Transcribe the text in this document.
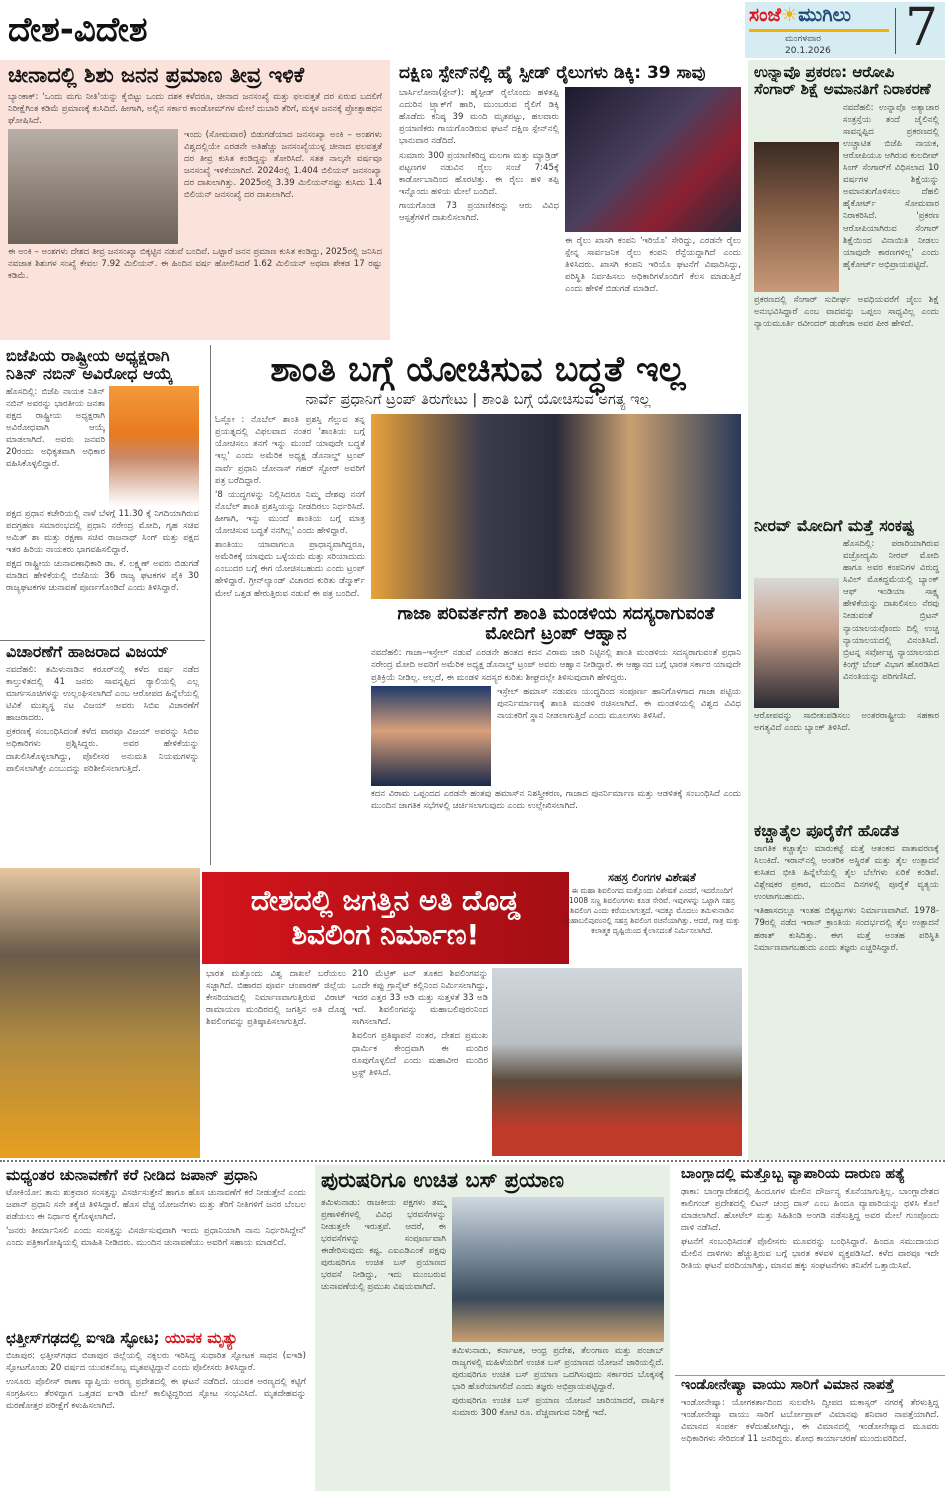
ದೇಶ-ವಿದೇಶ	ಸಂಜೆ☀ಮುಗಿಲು
ಮಂಗಳವಾರ
20.1.2026 7
ಚೀನಾದಲ್ಲಿ ಶಿಶು ಜನನ ಪ್ರಮಾಣ ತೀವ್ರ ಇಳಿಕೆ
ಬ್ಯಾಂಕಾಕ್: 'ಒಂದು ಮಗು ನೀತಿ'ಯನ್ನು ಕೈಬಿಟ್ಟು ಒಂದು ದಶಕ ಕಳೆದರೂ, ಚೀನಾದ ಜನಸಂಖ್ಯೆ ಮತ್ತು ಫಲವತ್ತತೆ ದರ ಏರುವ ಬದಲಿಗೆ ನಿರೀಕ್ಷೆಗಿಂತ ಕಡಿಮೆ ಪ್ರಮಾಣಕ್ಕೆ ಕುಸಿದಿದೆ. ಹೀಗಾಗಿ, ಅಲ್ಲಿನ ಸರ್ಕಾರ ಕಾಂಡೋಮ್‌ಗಳ ಮೇಲೆ ದುಬಾರಿ ತೆರಿಗೆ, ಮಕ್ಕಳ ಜನನಕ್ಕೆ ಪ್ರೋತ್ಸಾಹಧನ ಘೋಷಿಸಿದೆ.
ಇಂದು (ಸೋಮವಾರ) ಬಿಡುಗಡೆಯಾದ ಜನಸಂಖ್ಯಾ ಅಂಕಿ – ಅಂಶಗಳು ವಿಶ್ವದಲ್ಲಿಯೇ ಎರಡನೇ ಅತಿಹೆಚ್ಚು ಜನಸಂಖ್ಯೆಯುಳ್ಳ ಚೀನಾದ ಫಲವತ್ತತೆ ದರ ತೀವ್ರ ಕುಸಿತ ಕಂಡಿದ್ದನ್ನು ತೋರಿಸಿದೆ. ಸತತ ನಾಲ್ಕನೇ ವರ್ಷವೂ ಜನಸಂಖ್ಯೆ ಇಳಿಕೆಯಾಗಿದೆ. 2024ರಲ್ಲಿ 1.404 ಬಿಲಿಯನ್ ಜನಸಂಖ್ಯಾ ದರ ದಾಖಲಾಗಿತ್ತು. 2025ರಲ್ಲಿ 3.39 ಮಿಲಿಯನ್‌ನಷ್ಟು ಕುಸಿದು 1.4 ಬಿಲಿಯನ್ ಜನಸಂಖ್ಯೆ ದರ ದಾಖಲಾಗಿದೆ.
ಈ ಅಂಕಿ – ಅಂಶಗಳು ದೇಶದ ತೀವ್ರ ಜನಸಂಖ್ಯಾ ಬಿಕ್ಕಟ್ಟಿನ ನಡುವೆ ಬಂದಿವೆ. ಒಟ್ಟಾರೆ ಜನನ ಪ್ರಮಾಣ ಕುಸಿತ ಕಂಡಿದ್ದು, 2025ರಲ್ಲಿ ಜನಿಸಿದ ನವಜಾತ ಶಿಶುಗಳ ಸಂಖ್ಯೆ ಕೇವಲ 7.92 ಮಿಲಿಯನ್. ಈ ಹಿಂದಿನ ವರ್ಷ ಹೋಲಿಸಿದರೆ 1.62 ಮಿಲಿಯನ್ ಅಥವಾ ಶೇಕಡ 17 ರಷ್ಟು ಕಡಿಮೆ.
ದಕ್ಷಿಣ ಸ್ಪೇನ್‌ನಲ್ಲಿ ಹೈ ಸ್ಪೀಡ್ ರೈಲುಗಳು ಡಿಕ್ಕಿ: 39 ಸಾವು
ಬಾರ್ಸಿಲೋನಾ(ಸ್ಪೇನ್): ಹೈಸ್ಪೀಡ್ ರೈಲೊಂದು ಹಳಿತಪ್ಪಿ ಎದುರಿನ ಟ್ರ್ಯಾಕ್‌ಗೆ ಹಾರಿ, ಮುಂಬರುವ ರೈಲಿಗೆ ಡಿಕ್ಕಿ ಹೊಡೆದು ಕನಿಷ್ಠ 39 ಮಂದಿ ಮೃತಪಟ್ಟು, ಹಲವಾರು ಪ್ರಯಾಣಿಕರು ಗಾಯಗೊಂಡಿರುವ ಘಟನೆ ದಕ್ಷಿಣ ಸ್ಪೇನ್‌ನಲ್ಲಿ ಭಾನುವಾರ ನಡೆದಿದೆ.
ಸುಮಾರು 300 ಪ್ರಯಾಣಿಕರಿದ್ದ ಮಲಗಾ ಮತ್ತು ಮ್ಯಾಡ್ರಿಡ್ ಪಟ್ಟಣಗಳ ನಡುವಿನ ರೈಲು ಸಂಜೆ 7:45ಕ್ಕೆ ಕಾರ್ಡೋಬಾದಿಂದ ಹೊರಟಿತ್ತು. ಈ ರೈಲು ಹಳಿ ತಪ್ಪಿ ಇನ್ನೊಂದು ಹಳಿಯ ಮೇಲೆ ಬಂದಿದೆ.
ಗಾಯಗೊಂಡ 73 ಪ್ರಯಾಣಿಕರನ್ನು ಆರು ವಿವಿಧ ಆಸ್ಪತ್ರೆಗಳಿಗೆ ದಾಖಲಿಸಲಾಗಿದೆ.
ಈ ರೈಲು ಖಾಸಗಿ ಕಂಪನಿ 'ಇರಿಯೊ' ಸೇರಿದ್ದು, ಎರಡನೇ ರೈಲು ಸ್ಪೇನ್ನ ಸಾರ್ವಜನಿಕ ರೈಲು ಕಂಪನಿ ರೆನ್ಫೆಯದ್ದಾಗಿದೆ ಎಂದು ತಿಳಿಸಿದರು. ಖಾಸಗಿ ಕಂಪನಿ ಇರಿಯೊ ಘಟನೆಗೆ ವಿಷಾದಿಸಿದ್ದು, ಪರಿಸ್ಥಿತಿ ನಿರ್ವಹಿಸಲು ಅಧಿಕಾರಿಗಳೊಂದಿಗೆ ಕೆಲಸ ಮಾಡುತ್ತಿದೆ ಎಂದು ಹೇಳಿಕೆ ಬಿಡುಗಡೆ ಮಾಡಿದೆ.
ಉನ್ನಾವೊ ಪ್ರಕರಣ: ಆರೋಪಿ ಸೆಂಗಾರ್ ಶಿಕ್ಷೆ ಅಮಾನತಿಗೆ ನಿರಾಕರಣೆ
ನವದೆಹಲಿ: ಉನ್ನಾವೊ ಅತ್ಯಾಚಾರ ಸಂತ್ರಸ್ತೆಯ ತಂದೆ ಜೈಲಿನಲ್ಲಿ ಸಾವನ್ನಪ್ಪಿದ ಪ್ರಕರಣದಲ್ಲಿ ಉಚ್ಚಾಟಿತ ಬಿಜೆಪಿ ನಾಯಕ, ಆರೋಪಿಯೂ ಆಗಿರುವ ಕುಲದೀಪ್ ಸಿಂಗ್ ಸೆಂಗಾರ್‌ಗೆ ವಿಧಿಸಲಾದ 10 ವರ್ಷಗಳ ಶಿಕ್ಷೆಯನ್ನು ಅಮಾನತುಗೊಳಿಸಲು ದೆಹಲಿ ಹೈಕೋರ್ಟ್ ಸೋಮವಾರ ನಿರಾಕರಿಸಿದೆ. 'ಪ್ರಕರಣ ಆರೋಪಿಯಾಗಿರುವ ಸೆಂಗಾರ್ ಶಿಕ್ಷೆಯಿಂದ ವಿನಾಯಿತಿ ನೀಡಲು ಯಾವುದೇ ಕಾರಣಗಳಿಲ್ಲ' ಎಂದು ಹೈಕೋರ್ಟ್ ಅಭಿಪ್ರಾಯಪಟ್ಟಿದೆ.
ಪ್ರಕರಣದಲ್ಲಿ ಸೆಂಗಾರ್ ಸುದೀರ್ಘ ಅವಧಿಯವರೆಗೆ ಜೈಲು ಶಿಕ್ಷೆ ಅನುಭವಿಸಿದ್ದಾರೆ ಎಂಬ ವಾದವನ್ನು ಒಪ್ಪಲು ಸಾಧ್ಯವಿಲ್ಲ ಎಂದು ನ್ಯಾಯಮೂರ್ತಿ ರವೀಂದರ್ ಡುಡೇಜಾ ಅವರ ಪೀಠ ಹೇಳಿದೆ.
ನೀರವ್ ಮೋದಿಗೆ ಮತ್ತೆ ಸಂಕಷ್ಟ
ಹೊಸದಿಲ್ಲಿ: ಪರಾರಿಯಾಗಿರುವ ವಜ್ರೋದ್ಯಮಿ ನೀರವ್ ಮೋದಿ ಹಾಗೂ ಅವರ ಕಂಪನಿಗಳ ವಿರುದ್ಧ ಸಿವಿಲ್ ಮೊಕದ್ದಮೆಯಲ್ಲಿ ಬ್ಯಾಂಕ್ ಆಫ್ ಇಂಡಿಯಾ ಸಾಕ್ಷ್ಯ ಹೇಳಿಕೆಯನ್ನು ದಾಖಲಿಸಲು ನೆರವು ನೀಡುವಂತೆ ಬ್ರಿಟನ್ ನ್ಯಾಯಾಲಯವೊಂದು ದಿಲ್ಲಿ ಉಚ್ಚ ನ್ಯಾಯಾಲಯದಲ್ಲಿ ವಿನಂತಿಸಿದೆ. ಬ್ರಿಟನ್ನ ಸರ್ವೋಚ್ಚ ನ್ಯಾಯಾಲಯದ ಕಿಂಗ್ಸ್ ಬೆಂಚ್ ವಿಭಾಗ ಹೊರಡಿಸಿದ ವಿನಂತಿಯನ್ನು ಪರಿಗಣಿಸಿದೆ.
ಆರೋಪವನ್ನು ಸಾಬೀತುಪಡಿಸಲು ಅಂತರರಾಷ್ಟ್ರೀಯ ಸಹಕಾರ ಅಗತ್ಯವಿದೆ ಎಂದು ಬ್ಯಾಂಕ್ ತಿಳಿಸಿದೆ.
ಕಚ್ಚಾತೈಲ ಪೂರೈಕೆಗೆ ಹೊಡೆತ
ಜಾಗತಿಕ ಕಚ್ಚಾತೈಲ ಮಾರುಕಟ್ಟೆ ಮತ್ತೆ ಆತಂಕದ ವಾತಾವರಣಕ್ಕೆ ಸಿಲುಕಿದೆ. ಇರಾನ್‌ನಲ್ಲಿ ಆಂತರಿಕ ಅಸ್ಥಿರತೆ ಮತ್ತು ತೈಲ ಉತ್ಪಾದನೆ ಕುಸಿತದ ಭೀತಿ ಹಿನ್ನೆಲೆಯಲ್ಲಿ ತೈಲ ಬೆಲೆಗಳು ಏರಿಕೆ ಕಂಡಿವೆ. ವಿಶ್ಲೇಷಕರ ಪ್ರಕಾರ, ಮುಂದಿನ ದಿನಗಳಲ್ಲಿ ಪೂರೈಕೆ ವ್ಯತ್ಯಯ ಉಂಟಾಗಬಹುದು.
ಇತಿಹಾಸದಲ್ಲೂ ಇಂತಹ ಬಿಕ್ಕಟ್ಟುಗಳು ನಿರ್ಮಾಣವಾಗಿವೆ. 1978-79ರಲ್ಲಿ ನಡೆದ ಇರಾನ್ ಕ್ರಾಂತಿಯ ಸಂದರ್ಭದಲ್ಲಿ ತೈಲ ಉತ್ಪಾದನೆ ಹಠಾತ್ ಕುಸಿದಿತ್ತು. ಈಗ ಮತ್ತೆ ಅಂತಹ ಪರಿಸ್ಥಿತಿ ನಿರ್ಮಾಣವಾಗಬಹುದು ಎಂದು ತಜ್ಞರು ಎಚ್ಚರಿಸಿದ್ದಾರೆ.
ಬಿಜೆಪಿಯ ರಾಷ್ಟ್ರೀಯ ಅಧ್ಯಕ್ಷರಾಗಿ ನಿತಿನ್ ನಬಿನ್ ಅವಿರೋಧ ಆಯ್ಕೆ
ಹೊಸದಿಲ್ಲಿ: ಬಿಜೆಪಿ ನಾಯಕ ನಿತಿನ್ ನಬಿನ್ ಅವರನ್ನು ಭಾರತೀಯ ಜನತಾ ಪಕ್ಷದ ರಾಷ್ಟ್ರೀಯ ಅಧ್ಯಕ್ಷರಾಗಿ ಅವಿರೋಧವಾಗಿ ಆಯ್ಕೆ ಮಾಡಲಾಗಿದೆ. ಅವರು ಜನವರಿ 20ರಂದು ಅಧಿಕೃತವಾಗಿ ಅಧಿಕಾರ ವಹಿಸಿಕೊಳ್ಳಲಿದ್ದಾರೆ.
ಪಕ್ಷದ ಪ್ರಧಾನ ಕಚೇರಿಯಲ್ಲಿ ನಾಳೆ ಬೆಳಗ್ಗೆ 11.30 ಕ್ಕೆ ನಿಗದಿಯಾಗಿರುವ ಪದಗ್ರಹಣ ಸಮಾರಂಭದಲ್ಲಿ ಪ್ರಧಾನಿ ನರೇಂದ್ರ ಮೋದಿ, ಗೃಹ ಸಚಿವ ಅಮಿತ್ ಶಾ ಮತ್ತು ರಕ್ಷಣಾ ಸಚಿವ ರಾಜನಾಥ್ ಸಿಂಗ್ ಮತ್ತು ಪಕ್ಷದ ಇತರ ಹಿರಿಯ ನಾಯಕರು ಭಾಗವಹಿಸಲಿದ್ದಾರೆ.
ಪಕ್ಷದ ರಾಷ್ಟ್ರೀಯ ಚುನಾವಣಾಧಿಕಾರಿ ಡಾ. ಕೆ. ಲಕ್ಷ್ಮಣ್ ಅವರು ಬಿಡುಗಡೆ ಮಾಡಿದ ಹೇಳಿಕೆಯಲ್ಲಿ ಬಿಜೆಪಿಯ 36 ರಾಜ್ಯ ಘಟಕಗಳ ಪೈಕಿ 30 ರಾಜ್ಯಘಟಕಗಳ ಚುನಾವಣೆ ಪೂರ್ಣಗೊಂಡಿದೆ ಎಂದು ತಿಳಿಸಿದ್ದಾರೆ.
ವಿಚಾರಣೆಗೆ ಹಾಜರಾದ ವಿಜಯ್
ನವದೆಹಲಿ: ತಮಿಳುನಾಡಿನ ಕರೂರ್‌ನಲ್ಲಿ ಕಳೆದ ವರ್ಷ ನಡೆದ ಕಾಲ್ತುಳಿತದಲ್ಲಿ 41 ಜನರು ಸಾವನ್ನಪ್ಪಿದ ರ‍್ಯಾಲಿಯಲ್ಲಿ ಎಲ್ಲ ಮಾರ್ಗಸೂಚಿಗಳನ್ನು ಉಲ್ಲಂಘಿಸಲಾಗಿದೆ ಎಂಬ ಆರೋಪದ ಹಿನ್ನೆಲೆಯಲ್ಲಿ ಟಿವಿಕೆ ಮುಖ್ಯಸ್ಥ ನಟ ವಿಜಯ್ ಅವರು ಸಿಬಿಐ ವಿಚಾರಣೆಗೆ ಹಾಜರಾದರು.
ಪ್ರಕರಣಕ್ಕೆ ಸಂಬಂಧಿಸಿದಂತೆ ಕಳೆದ ವಾರವೂ ವಿಜಯ್ ಅವರನ್ನು ಸಿಬಿಐ ಅಧಿಕಾರಿಗಳು ಪ್ರಶ್ನಿಸಿದ್ದರು. ಅವರ ಹೇಳಿಕೆಯನ್ನು ದಾಖಲಿಸಿಕೊಳ್ಳಲಾಗಿದ್ದು, ಪೊಲೀಸರ ಅನುಮತಿ ನಿಯಮಗಳನ್ನು ಪಾಲಿಸಲಾಗಿತ್ತೇ ಎಂಬುದನ್ನು ಪರಿಶೀಲಿಸಲಾಗುತ್ತಿದೆ.
ಶಾಂತಿ ಬಗ್ಗೆ ಯೋಚಿಸುವ ಬದ್ಧತೆ ಇಲ್ಲ
ನಾರ್ವೆ ಪ್ರಧಾನಿಗೆ ಟ್ರಂಪ್ ತಿರುಗೇಟು | ಶಾಂತಿ ಬಗ್ಗೆ ಯೋಚಿಸುವ ಅಗತ್ಯ ಇಲ್ಲ
ಓಸ್ಲೋ : ನೊಬೆಲ್ ಶಾಂತಿ ಪ್ರಶಸ್ತಿ ಗೆಲ್ಲುವ ತನ್ನ ಪ್ರಯತ್ನದಲ್ಲಿ ವಿಫಲವಾದ ನಂತರ 'ಶಾಂತಿಯ ಬಗ್ಗೆ ಯೋಚಿಸಲು ತನಗೆ ಇನ್ನು ಮುಂದೆ ಯಾವುದೇ ಬದ್ಧತೆ ಇಲ್ಲ' ಎಂದು ಅಮೆರಿಕ ಅಧ್ಯಕ್ಷ ಡೊನಾಲ್ಡ್ ಟ್ರಂಪ್ ನಾರ್ವೆ ಪ್ರಧಾನಿ ಜೋನಾಸ್ ಗಹರ್ ಸ್ಟೋರ್ ಅವರಿಗೆ ಪತ್ರ ಬರೆದಿದ್ದಾರೆ.
'8 ಯುದ್ಧಗಳನ್ನು ನಿಲ್ಲಿಸಿದರೂ ನಿಮ್ಮ ದೇಶವು ನನಗೆ ನೊಬೆಲ್ ಶಾಂತಿ ಪ್ರಶಸ್ತಿಯನ್ನು ನೀಡದಿರಲು ನಿರ್ಧರಿಸಿದೆ. ಹೀಗಾಗಿ, ಇನ್ನು ಮುಂದೆ ಶಾಂತಿಯ ಬಗ್ಗೆ ಮಾತ್ರ ಯೋಚಿಸುವ ಬದ್ಧತೆ ನನಗಿಲ್ಲ' ಎಂದು ಹೇಳಿದ್ದಾರೆ.
ಶಾಂತಿಯು ಯಾವಾಗಲೂ ಪ್ರಾಧಾನ್ಯವಾಗಿದ್ದರೂ, ಅಮೆರಿಕಕ್ಕೆ ಯಾವುದು ಒಳ್ಳೆಯದು ಮತ್ತು ಸರಿಯಾದುದು ಎಂಬುದರ ಬಗ್ಗೆ ಈಗ ಯೋಚಿಸಬಹುದು ಎಂದು ಟ್ರಂಪ್ ಹೇಳಿದ್ದಾರೆ. ಗ್ರೀನ್‌ಲ್ಯಾಂಡ್ ವಿಚಾರದ ಕುರಿತು ಡೆನ್ಮಾರ್ಕ್ ಮೇಲೆ ಒತ್ತಡ ಹೇರುತ್ತಿರುವ ನಡುವೆ ಈ ಪತ್ರ ಬಂದಿದೆ.
ಗಾಜಾ ಪರಿವರ್ತನೆಗೆ ಶಾಂತಿ ಮಂಡಳಿಯ ಸದಸ್ಯರಾಗುವಂತೆ ಮೋದಿಗೆ ಟ್ರಂಪ್ ಆಹ್ವಾನ
ನವದೆಹಲಿ: ಗಾಜಾ–ಇಸ್ರೇಲ್ ನಡುವೆ ಎರಡನೇ ಹಂತದ ಕದನ ವಿರಾಮ ಜಾರಿ ನಿಟ್ಟಿನಲ್ಲಿ ಶಾಂತಿ ಮಂಡಳಿಯ ಸದಸ್ಯರಾಗುವಂತೆ ಪ್ರಧಾನಿ ನರೇಂದ್ರ ಮೋದಿ ಅವರಿಗೆ ಅಮೆರಿಕ ಅಧ್ಯಕ್ಷ ಡೊನಾಲ್ಡ್ ಟ್ರಂಪ್ ಅವರು ಆಹ್ವಾನ ನೀಡಿದ್ದಾರೆ. ಈ ಆಹ್ವಾನದ ಬಗ್ಗೆ ಭಾರತ ಸರ್ಕಾರ ಯಾವುದೇ ಪ್ರತಿಕ್ರಿಯೆ ನೀಡಿಲ್ಲ. ಅಲ್ಲದೆ, ಈ ಮಂಡಳಿ ಸದಸ್ಯರ ಕುರಿತು ಶೀಘ್ರದಲ್ಲೇ ತಿಳಿಸುವುದಾಗಿ ಹೇಳಿದ್ದರು.
ಇಸ್ರೇಲ್ ಹಮಾಸ್ ನಡುವಣ ಯುದ್ಧದಿಂದ ಸಂಪೂರ್ಣ ಹಾನಿಗೊಳಗಾದ ಗಾಜಾ ಪಟ್ಟಿಯ ಪುನರ್ನಿರ್ಮಾಣಕ್ಕೆ ಶಾಂತಿ ಮಂಡಳಿ ರಚಿಸಲಾಗಿದೆ. ಈ ಮಂಡಳಿಯಲ್ಲಿ ವಿಶ್ವದ ವಿವಿಧ ನಾಯಕರಿಗೆ ಸ್ಥಾನ ನೀಡಲಾಗುತ್ತಿದೆ ಎಂದು ಮೂಲಗಳು ತಿಳಿಸಿವೆ.
ಕದನ ವಿರಾಮ ಒಪ್ಪಂದದ ಎರಡನೇ ಹಂತವು ಹಮಾಸ್‌ನ ನಿಶಸ್ತ್ರೀಕರಣ, ಗಾಜಾದ ಪುನರ್ನಿರ್ಮಾಣ ಮತ್ತು ಆಡಳಿತಕ್ಕೆ ಸಂಬಂಧಿಸಿದೆ ಎಂದು ಮುಂದಿನ ಜಾಗತಿಕ ಸಭೆಗಳಲ್ಲಿ ಚರ್ಚಿಸಲಾಗುವುದು ಎಂದು ಉಲ್ಲೇಖಿಸಲಾಗಿದೆ.
ದೇಶದಲ್ಲಿ ಜಗತ್ತಿನ ಅತಿ ದೊಡ್ಡ ಶಿವಲಿಂಗ ನಿರ್ಮಾಣ!
ಭಾರತ ಮತ್ತೊಂದು ವಿಶ್ವ ದಾಖಲೆ ಬರೆಯಲು ಸಜ್ಜಾಗಿದೆ. ಬಿಹಾರದ ಪೂರ್ವ ಚಂಪಾರಣ್ ಜಿಲ್ಲೆಯ ಕೇಸರಿಯಾದಲ್ಲಿ ನಿರ್ಮಾಣವಾಗುತ್ತಿರುವ ವಿರಾಟ್ ರಾಮಾಯಣ ಮಂದಿರದಲ್ಲಿ ಜಗತ್ತಿನ ಅತಿ ದೊಡ್ಡ ಶಿವಲಿಂಗವನ್ನು ಪ್ರತಿಷ್ಠಾಪಿಸಲಾಗುತ್ತಿದೆ.
210 ಮೆಟ್ರಿಕ್ ಟನ್ ತೂಕದ ಶಿವಲಿಂಗವನ್ನು ಒಂದೇ ಕಪ್ಪು ಗ್ರಾನೈಟ್ ಕಲ್ಲಿನಿಂದ ನಿರ್ಮಿಸಲಾಗಿದ್ದು, ಇದರ ಎತ್ತರ 33 ಅಡಿ ಮತ್ತು ಸುತ್ತಳತೆ 33 ಅಡಿ ಇದೆ. ಶಿವಲಿಂಗವನ್ನು ಮಹಾಬಲಿಪುರಂನಿಂದ ಸಾಗಿಸಲಾಗಿದೆ.
ಶಿವಲಿಂಗ ಪ್ರತಿಷ್ಠಾಪನೆ ನಂತರ, ದೇಶದ ಪ್ರಮುಖ ಧಾರ್ಮಿಕ ಕೇಂದ್ರವಾಗಿ ಈ ಮಂದಿರ ರೂಪುಗೊಳ್ಳಲಿದೆ ಎಂದು ಮಹಾವೀರ ಮಂದಿರ ಟ್ರಸ್ಟ್ ತಿಳಿಸಿದೆ.
ಸಹಸ್ರ ಲಿಂಗಗಳ ವಿಶೇಷತೆ
ಈ ಮಹಾ ಶಿವಲಿಂಗದ ಮತ್ತೊಂದು ವಿಶೇಷತೆ ಎಂದರೆ, ಇದರೊಂದಿಗೆ 1008 ಸಣ್ಣ ಶಿವಲಿಂಗಗಳು ಕೂಡ ಸೇರಿವೆ. ಇವುಗಳನ್ನು ಒಟ್ಟಾಗಿ ಸಹಸ್ರ ಶಿವಲಿಂಗ ಎಂದು ಕರೆಯಲಾಗುತ್ತದೆ. ಇದಕ್ಕೂ ಮೊದಲು ತಮಿಳುನಾಡಿನ ಮಹಾಬಲಿಪುರಂನಲ್ಲಿ ಸಹಸ್ರ ಶಿವಲಿಂಗ ರಚನೆಯಾಗಿತ್ತು. ಆದರೆ, ಗಾತ್ರ ಮತ್ತು ಕಲಾತ್ಮಕ ದೃಷ್ಟಿಯಿಂದ ಕೈಲಾಸದಂತೆ ನಿರ್ಮಿಸಲಾಗಿದೆ.
ಮಧ್ಯಂತರ ಚುನಾವಣೆಗೆ ಕರೆ ನೀಡಿದ ಜಪಾನ್ ಪ್ರಧಾನಿ
ಟೋಕಿಯೋ: ತಾನು ಶುಕ್ರವಾರ ಸಂಸತ್ತನ್ನು ವಿಸರ್ಜಿಸುತ್ತೇನೆ ಹಾಗೂ ಹೊಸ ಚುನಾವಣೆಗೆ ಕರೆ ನೀಡುತ್ತೇನೆ ಎಂದು ಜಪಾನ್ ಪ್ರಧಾನಿ ಸನೇ ತಕೈಚಿ ತಿಳಿಸಿದ್ದಾರೆ. ಹೊಸ ವೆಚ್ಚ ಯೋಜನೆಗಳು ಮತ್ತು ತೆರಿಗೆ ನೀತಿಗಳಿಗೆ ಜನರ ಬೆಂಬಲ ಪಡೆಯಲು ಈ ನಿರ್ಧಾರ ಕೈಗೊಳ್ಳಲಾಗಿದೆ.
'ಜನರು ತೀರ್ಮಾನಿಸಲಿ ಎಂದು ಸಂಸತ್ತನ್ನು ವಿಸರ್ಜಿಸುವುದಾಗಿ ಇಂದು ಪ್ರಧಾನಿಯಾಗಿ ನಾನು ನಿರ್ಧರಿಸಿದ್ದೇನೆ' ಎಂದು ಪತ್ರಿಕಾಗೋಷ್ಠಿಯಲ್ಲಿ ಮಾಹಿತಿ ನೀಡಿದರು. ಮುಂದಿನ ಚುನಾವಣೆಯು ಅವರಿಗೆ ಸಹಾಯ ಮಾಡಲಿದೆ.
ಛತ್ತೀಸ್‌ಗಢದಲ್ಲಿ ಐಇಡಿ ಸ್ಫೋಟ; ಯುವಕ ಮೃತ್ಯು
ಬಿಜಾಪುರ: ಛತ್ತೀಸ್‌ಗಢದ ಬಿಜಾಪುರ ಜಿಲ್ಲೆಯಲ್ಲಿ ನಕ್ಸಲರು ಇರಿಸಿದ್ದ ಸುಧಾರಿತ ಸ್ಫೋಟಕ ಸಾಧನ (ಐಇಡಿ) ಸ್ಫೋಟಗೊಂಡು 20 ವರ್ಷದ ಯುವಕನೊಬ್ಬ ಮೃತಪಟ್ಟಿದ್ದಾನೆ ಎಂದು ಪೊಲೀಸರು ತಿಳಿಸಿದ್ದಾರೆ.
ಉಸೂರು ಪೊಲೀಸ್ ಠಾಣಾ ವ್ಯಾಪ್ತಿಯ ಅರಣ್ಯ ಪ್ರದೇಶದಲ್ಲಿ ಈ ಘಟನೆ ನಡೆದಿದೆ. ಯುವಕ ಅರಣ್ಯದಲ್ಲಿ ಕಟ್ಟಿಗೆ ಸಂಗ್ರಹಿಸಲು ತೆರಳಿದ್ದಾಗ ಒತ್ತಡದ ಐಇಡಿ ಮೇಲೆ ಕಾಲಿಟ್ಟಿದ್ದರಿಂದ ಸ್ಫೋಟ ಸಂಭವಿಸಿದೆ. ಮೃತದೇಹವನ್ನು ಮರಣೋತ್ತರ ಪರೀಕ್ಷೆಗೆ ಕಳುಹಿಸಲಾಗಿದೆ.
ಪುರುಷರಿಗೂ ಉಚಿತ ಬಸ್ ಪ್ರಯಾಣ
ತಮಿಳುನಾಡು: ರಾಜಕೀಯ ಪಕ್ಷಗಳು ತಮ್ಮ ಪ್ರಣಾಳಿಕೆಗಳಲ್ಲಿ ವಿವಿಧ ಭರವಸೆಗಳನ್ನು ನೀಡುತ್ತಲೇ ಇರುತ್ತವೆ. ಆದರೆ, ಈ ಭರವಸೆಗಳನ್ನು ಸಂಪೂರ್ಣವಾಗಿ ಈಡೇರಿಸುವುದು ಕಷ್ಟ. ಎಐಎಡಿಎಂಕೆ ಪಕ್ಷವು ಪುರುಷರಿಗೂ ಉಚಿತ ಬಸ್ ಪ್ರಯಾಣದ ಭರವಸೆ ನೀಡಿದ್ದು, ಇದು ಮುಂಬರುವ ಚುನಾವಣೆಯಲ್ಲಿ ಪ್ರಮುಖ ವಿಷಯವಾಗಿದೆ.
ತಮಿಳುನಾಡು, ಕರ್ನಾಟಕ, ಆಂಧ್ರ ಪ್ರದೇಶ, ತೆಲಂಗಾಣ ಮತ್ತು ಪಂಜಾಬ್ ರಾಜ್ಯಗಳಲ್ಲಿ ಮಹಿಳೆಯರಿಗೆ ಉಚಿತ ಬಸ್ ಪ್ರಯಾಣದ ಯೋಜನೆ ಜಾರಿಯಲ್ಲಿದೆ. ಪುರುಷರಿಗೂ ಉಚಿತ ಬಸ್ ಪ್ರಯಾಣ ಒದಗಿಸುವುದು ಸರ್ಕಾರದ ಬೊಕ್ಕಸಕ್ಕೆ ಭಾರಿ ಹೊರೆಯಾಗಲಿದೆ ಎಂದು ತಜ್ಞರು ಅಭಿಪ್ರಾಯಪಟ್ಟಿದ್ದಾರೆ.
ಪುರುಷರಿಗೂ ಉಚಿತ ಬಸ್ ಪ್ರಯಾಣ ಯೋಜನೆ ಜಾರಿಯಾದರೆ, ವಾರ್ಷಿಕ ಸುಮಾರು 300 ಕೋಟಿ ರೂ. ವೆಚ್ಚವಾಗುವ ನಿರೀಕ್ಷೆ ಇದೆ.
ಬಾಂಗ್ಲಾದಲ್ಲಿ ಮತ್ತೊಬ್ಬ ವ್ಯಾಪಾರಿಯ ದಾರುಣ ಹತ್ಯೆ
ಢಾಕಾ: ಬಾಂಗ್ಲಾದೇಶದಲ್ಲಿ ಹಿಂದೂಗಳ ಮೇಲಿನ ದೌರ್ಜನ್ಯ ಕೊನೆಯಾಗುತ್ತಿಲ್ಲ. ಬಾಂಗ್ಲಾದೇಶದ ಕಾಲಿಗಂಜ್ ಪ್ರದೇಶದಲ್ಲಿ ಲಿಟನ್ ಚಂದ್ರ ದಾಸ್ ಎಂಬ ಹಿಂದೂ ವ್ಯಾಪಾರಿಯನ್ನು ಥಳಿಸಿ ಕೊಲೆ ಮಾಡಲಾಗಿದೆ. ಹೋಟೆಲ್ ಮತ್ತು ಸಿಹಿತಿಂಡಿ ಅಂಗಡಿ ನಡೆಸುತ್ತಿದ್ದ ಅವರ ಮೇಲೆ ಗುಂಪೊಂದು ದಾಳಿ ನಡೆಸಿದೆ.
ಘಟನೆಗೆ ಸಂಬಂಧಿಸಿದಂತೆ ಪೊಲೀಸರು ಮೂವರನ್ನು ಬಂಧಿಸಿದ್ದಾರೆ. ಹಿಂದೂ ಸಮುದಾಯದ ಮೇಲಿನ ದಾಳಿಗಳು ಹೆಚ್ಚುತ್ತಿರುವ ಬಗ್ಗೆ ಭಾರತ ಕಳವಳ ವ್ಯಕ್ತಪಡಿಸಿದೆ. ಕಳೆದ ವಾರವೂ ಇದೇ ರೀತಿಯ ಘಟನೆ ವರದಿಯಾಗಿತ್ತು, ಮಾನವ ಹಕ್ಕು ಸಂಘಟನೆಗಳು ತನಿಖೆಗೆ ಒತ್ತಾಯಿಸಿವೆ.
ಇಂಡೋನೇಷ್ಯಾ ವಾಯು ಸಾರಿಗೆ ವಿಮಾನ ನಾಪತ್ತೆ
ಇಂಡೋನೇಷ್ಯಾ: ಯೋಗಕರ್ತಾದಿಂದ ಸುಲವೇಸಿ ದ್ವೀಪದ ಮಕಾಸ್ಸರ್ ನಗರಕ್ಕೆ ತೆರಳುತ್ತಿದ್ದ ಇಂಡೋನೇಷ್ಯಾ ವಾಯು ಸಾರಿಗೆ ಟರ್ಬೋಪ್ರಾಪ್ ವಿಮಾನವು ಶನಿವಾರ ನಾಪತ್ತೆಯಾಗಿದೆ. ವಿಮಾನದ ಸಂಪರ್ಕ ಕಳೆದುಹೋಗಿದ್ದು, ಈ ವಿಮಾನದಲ್ಲಿ ಇಂಡೋನೇಷ್ಯಾದ ಮೂವರು ಅಧಿಕಾರಿಗಳು ಸೇರಿದಂತೆ 11 ಜನರಿದ್ದರು. ಶೋಧ ಕಾರ್ಯಾಚರಣೆ ಮುಂದುವರಿದಿದೆ.
